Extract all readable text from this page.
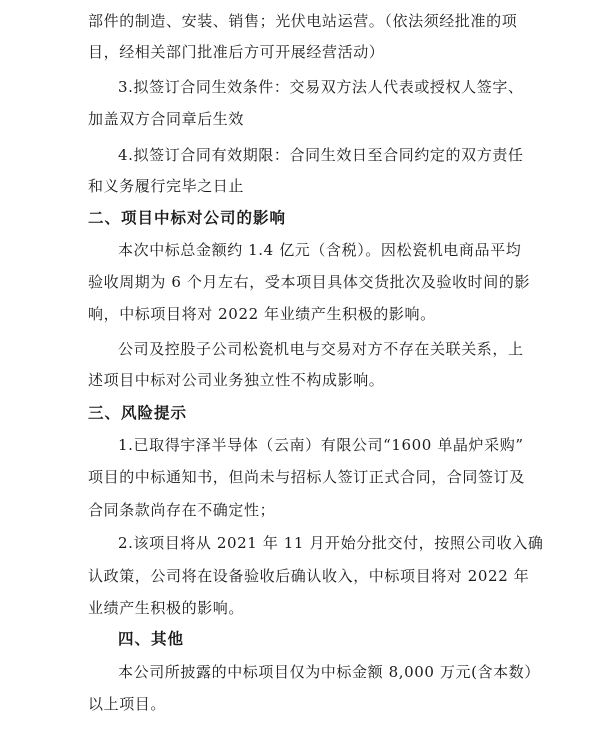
部件的制造、安装、销售；光伏电站运营。（依法须经批准的项
目，经相关部门批准后方可开展经营活动）
3.拟签订合同生效条件：交易双方法人代表或授权人签字、
加盖双方合同章后生效
4.拟签订合同有效期限：合同生效日至合同约定的双方责任
和义务履行完毕之日止
二、项目中标对公司的影响
本次中标总金额约 1.4 亿元（含税）。因松瓷机电商品平均
验收周期为 6 个月左右，受本项目具体交货批次及验收时间的影
响，中标项目将对 2022 年业绩产生积极的影响。
公司及控股子公司松瓷机电与交易对方不存在关联关系，上
述项目中标对公司业务独立性不构成影响。
三、风险提示
1.已取得宇泽半导体（云南）有限公司“1600 单晶炉采购”
项目的中标通知书，但尚未与招标人签订正式合同，合同签订及
合同条款尚存在不确定性；
2.该项目将从 2021 年 11 月开始分批交付，按照公司收入确
认政策，公司将在设备验收后确认收入，中标项目将对 2022 年
业绩产生积极的影响。
四、其他
本公司所披露的中标项目仅为中标金额 8,000 万元(含本数）
以上项目。
